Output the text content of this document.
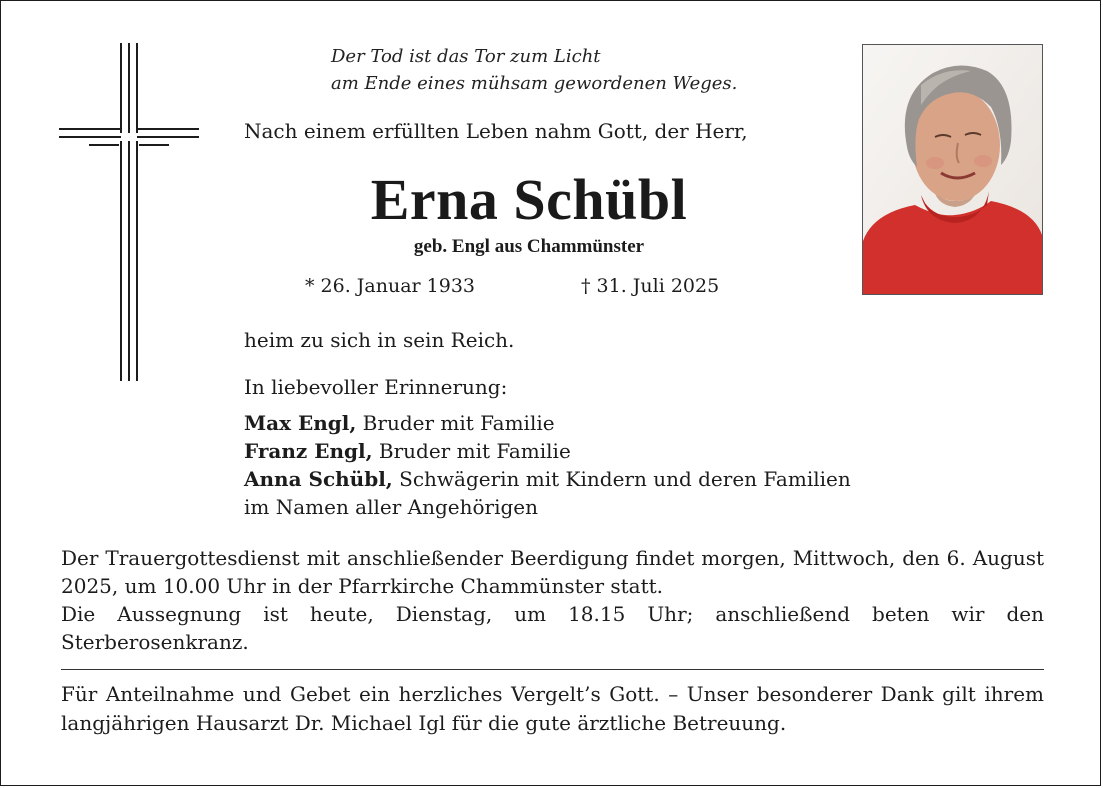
Der Tod ist das Tor zum Licht
am Ende eines mühsam gewordenen Weges.
Nach einem erfüllten Leben nahm Gott, der Herr,
Erna Schübl
geb. Engl aus Chammünster
* 26. Januar 1933	† 31. Juli 2025
heim zu sich in sein Reich.
In liebevoller Erinnerung:
Max Engl, Bruder mit Familie
Franz Engl, Bruder mit Familie
Anna Schübl, Schwägerin mit Kindern und deren Familien
im Namen aller Angehörigen

Der Trauergottesdienst mit anschließender Beerdigung findet morgen, Mittwoch, den 6. August 2025, um 10.00 Uhr in der Pfarrkirche Chammünster statt.

Die Aussegnung ist heute, Dienstag, um 18.15 Uhr; anschließend beten wir den Sterberosenkranz.

Für Anteilnahme und Gebet ein herzliches Vergelt’s Gott. – Unser besonderer Dank gilt ihrem langjährigen Hausarzt Dr. Michael Igl für die gute ärztliche Betreuung.
